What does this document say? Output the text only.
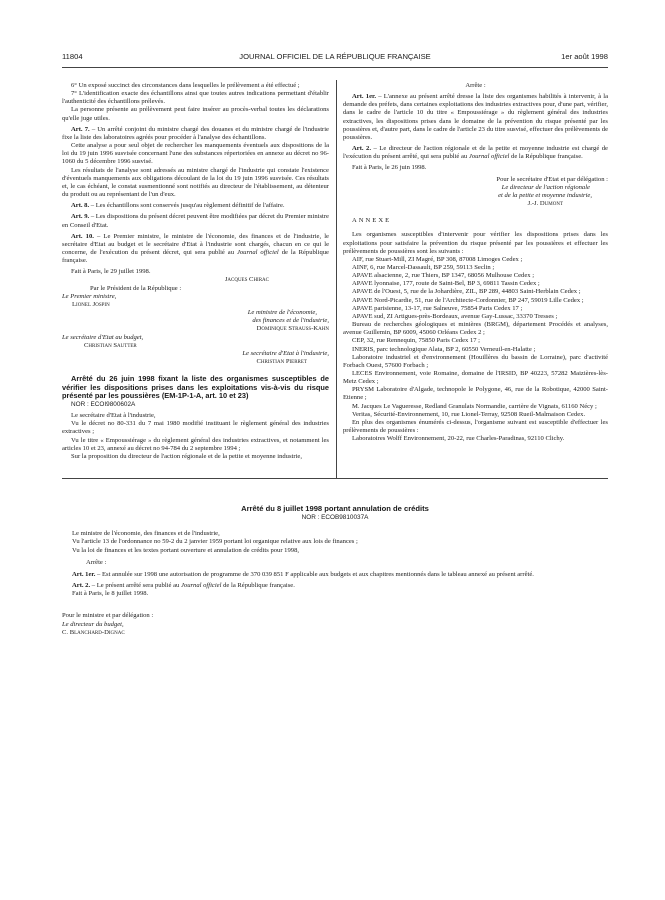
11804	JOURNAL OFFICIEL DE LA RÉPUBLIQUE FRANÇAISE	1er août 1998

6° Un exposé succinct des circonstances dans lesquelles le prélèvement a été effectué ;

7° L'identification exacte des échantillons ainsi que toutes autres indications permettant d'établir l'authenticité des échantillons prélevés.

La personne présente au prélèvement peut faire insérer au procès-verbal toutes les déclarations qu'elle juge utiles.

Art. 7. – Un arrêté conjoint du ministre chargé des douanes et du ministre chargé de l'industrie fixe la liste des laboratoires agréés pour procéder à l'analyse des échantillons.

Cette analyse a pour seul objet de rechercher les manquements éventuels aux dispositions de la loi du 19 juin 1996 susvisée concernant l'une des substances répertoriées en annexe au décret no 96-1060 du 5 décembre 1996 susvisé.

Les résultats de l'analyse sont adressés au ministre chargé de l'industrie qui constate l'existence d'éventuels manquements aux obligations découlant de la loi du 19 juin 1996 susvisée. Ces résultats et, le cas échéant, le constat susmentionné sont notifiés au directeur de l'établissement, au détenteur du produit ou au représentant de l'un d'eux.

Art. 8. – Les échantillons sont conservés jusqu'au règlement définitif de l'affaire.

Art. 9. – Les dispositions du présent décret peuvent être modifiées par décret du Premier ministre en Conseil d'Etat.

Art. 10. – Le Premier ministre, le ministre de l'économie, des finances et de l'industrie, le secrétaire d'Etat au budget et le secrétaire d'Etat à l'industrie sont chargés, chacun en ce qui le concerne, de l'exécution du présent décret, qui sera publié au Journal officiel de la République française.

Fait à Paris, le 29 juillet 1998.

Jacques Chirac

Par le Président de la République :

Le Premier ministre,

Lionel Jospin

Le ministre de l'économie,

des finances et de l'industrie,

Dominique Strauss-Kahn

Le secrétaire d'Etat au budget,

Christian Sautter

Le secrétaire d'Etat à l'industrie,

Christian Pierret

Arrêté du 26 juin 1998 fixant la liste des organismes susceptibles de vérifier les dispositions prises dans les exploitations vis-à-vis du risque présenté par les poussières (EM-1P-1-A, art. 10 et 23)

NOR : ECOI9800602A

Le secrétaire d'Etat à l'industrie,

Vu le décret no 80-331 du 7 mai 1980 modifié instituant le règlement général des industries extractives ;

Vu le titre « Empoussiérage » du règlement général des industries extractives, et notamment les articles 10 et 23, annexé au décret no 94-784 du 2 septembre 1994 ;

Sur la proposition du directeur de l'action régionale et de la petite et moyenne industrie,

Arrête :

Art. 1er. – L'annexe au présent arrêté dresse la liste des organismes habilités à intervenir, à la demande des préfets, dans certaines exploitations des industries extractives pour, d'une part, vérifier, dans le cadre de l'article 10 du titre « Empoussiérage » du règlement général des industries extractives, les dispositions prises dans le domaine de la prévention du risque présenté par les poussières et, d'autre part, dans le cadre de l'article 23 du titre susvisé, effectuer des prélèvements de poussières.

Art. 2. – Le directeur de l'action régionale et de la petite et moyenne industrie est chargé de l'exécution du présent arrêté, qui sera publié au Journal officiel de la République française.

Fait à Paris, le 26 juin 1998.

Pour le secrétaire d'Etat et par délégation :

Le directeur de l'action régionale

et de la petite et moyenne industrie,

J.-J. Dumont

ANNEXE

Les organismes susceptibles d'intervenir pour vérifier les dispositions prises dans les exploitations pour satisfaire la prévention du risque présenté par les poussières et effectuer les prélèvements de poussières sont les suivants :

AIF, rue Stuart-Mill, ZI Magré, BP 308, 87008 Limoges Cedex ;

AINF, 6, rue Marcel-Dassault, BP 259, 59113 Seclin ;

APAVE alsacienne, 2, rue Thiers, BP 1347, 68056 Mulhouse Cedex ;

APAVE lyonnaise, 177, route de Saint-Bel, BP 3, 69811 Tassin Cedex ;

APAVE de l'Ouest, 5, rue de la Johardière, ZIL, BP 289, 44803 Saint-Herblain Cedex ;

APAVE Nord-Picardie, 51, rue de l'Architecte-Cordonnier, BP 247, 59019 Lille Cedex ;

APAVE parisienne, 13-17, rue Salneuve, 75854 Paris Cedex 17 ;

APAVE sud, ZI Artigues-près-Bordeaux, avenue Gay-Lussac, 33370 Tresses ;

Bureau de recherches géologiques et minières (BRGM), département Procédés et analyses, avenue Guillemin, BP 6009, 45060 Orléans Cedex 2 ;

CEP, 32, rue Rennequin, 75850 Paris Cedex 17 ;

INERIS, parc technologique Alata, BP 2, 60550 Verneuil-en-Halatte ;

Laboratoire industriel et d'environnement (Houillères du bassin de Lorraine), parc d'activité Forbach Ouest, 57600 Forbach ;

LECES Environnement, voie Romaine, domaine de l'IRSID, BP 40223, 57282 Maizières-lès-Metz Cedex ;

PRYSM Laboratoire d'Algade, technopole le Polygone, 46, rue de la Robotique, 42000 Saint-Etienne ;

M. Jacques Le Vagueresse, Redland Granulats Normandie, carrière de Vignats, 61160 Nécy ;

Veritas, Sécurité-Environnement, 10, rue Lionel-Terray, 92508 Rueil-Malmaison Cedex.

En plus des organismes énumérés ci-dessus, l'organisme suivant est susceptible d'effectuer les prélèvements de poussières :

Laboratoires Wolff Environnement, 20-22, rue Charles-Paradinas, 92110 Clichy.

Arrêté du 8 juillet 1998 portant annulation de crédits

NOR : ECOB9810037A

Le ministre de l'économie, des finances et de l'industrie,

Vu l'article 13 de l'ordonnance no 59-2 du 2 janvier 1959 portant loi organique relative aux lois de finances ;

Vu la loi de finances et les textes portant ouverture et annulation de crédits pour 1998,

Arrête :

Art. 1er. – Est annulée sur 1998 une autorisation de programme de 370 039 851 F applicable aux budgets et aux chapitres mentionnés dans le tableau annexé au présent arrêté.

Art. 2. – Le présent arrêté sera publié au Journal officiel de la République française.

Fait à Paris, le 8 juillet 1998.

Pour le ministre et par délégation :

Le directeur du budget,

C. Blanchard-Dignac
